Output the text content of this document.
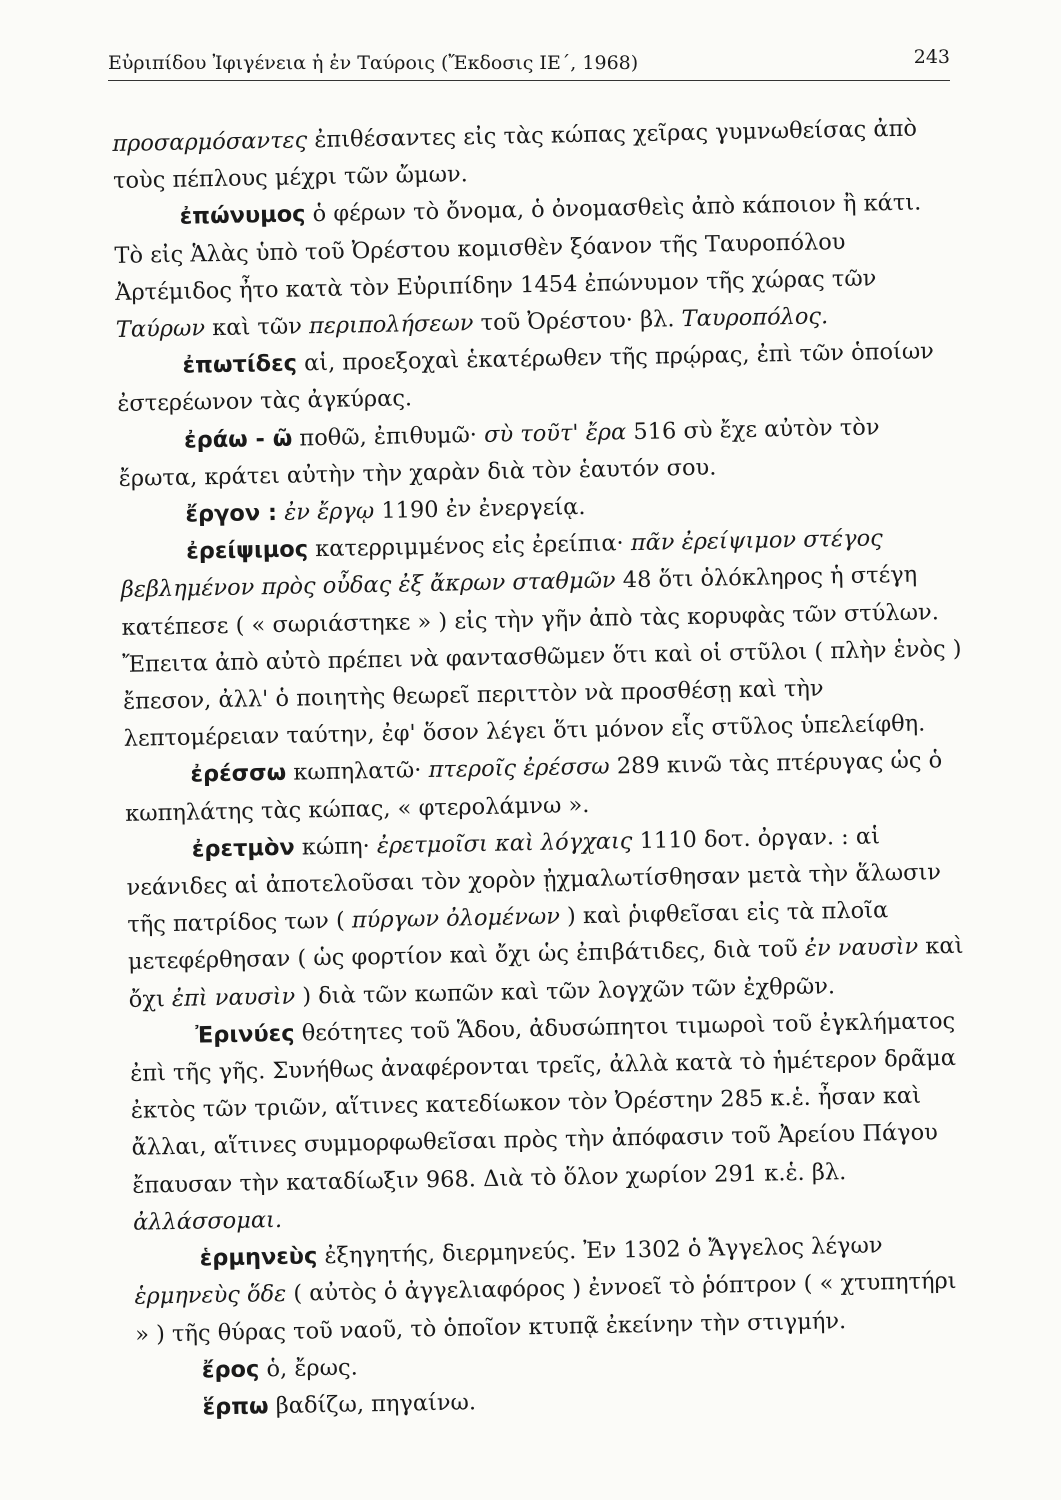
Εὐριπίδου Ἰφιγένεια ἡ ἐν Ταύροις (Ἔκδοσις ΙΕ΄, 1968)	243

προσαρμόσαντες ἐπιθέσαντες εἰς τὰς κώπας χεῖρας γυμνωθείσας ἀπὸ τοὺς πέπλους μέχρι τῶν ὤμων.

ἐπώνυμος ὁ φέρων τὸ ὄνομα, ὁ ὀνομασθεὶς ἀπὸ κάποιον ἢ κάτι. Τὸ εἰς Ἁλὰς ὑπὸ τοῦ Ὀρέστου κομισθὲν ξόανον τῆς Ταυροπόλου Ἀρτέμιδος ἦτο κατὰ τὸν Εὐριπίδην 1454 ἐπώνυμον τῆς χώρας τῶν Ταύρων καὶ τῶν περιπολήσεων τοῦ Ὀρέστου· βλ. Ταυροπόλος.

ἐπωτίδες αἱ, προεξοχαὶ ἑκατέρωθεν τῆς πρῴρας, ἐπὶ τῶν ὁποίων ἐστερέωνον τὰς ἀγκύρας.

ἐράω - ῶ ποθῶ, ἐπιθυμῶ· σὺ τοῦτ' ἔρα 516 σὺ ἔχε αὐτὸν τὸν ἔρωτα, κράτει αὐτὴν τὴν χαρὰν διὰ τὸν ἑαυτόν σου.

ἔργον : ἐν ἔργῳ 1190 ἐν ἐνεργείᾳ.

ἐρείψιμος κατερριμμένος εἰς ἐρείπια· πᾶν ἐρείψιμον στέγος βεβλημένον πρὸς οὖδας ἐξ ἄκρων σταθμῶν 48 ὅτι ὁλόκληρος ἡ στέγη κατέπεσε ( « σωριάστηκε » ) εἰς τὴν γῆν ἀπὸ τὰς κορυφὰς τῶν στύλων. Ἔπειτα ἀπὸ αὐτὸ πρέπει νὰ φαντασθῶμεν ὅτι καὶ οἱ στῦλοι ( πλὴν ἑνὸς ) ἔπεσον, ἀλλ' ὁ ποιητὴς θεωρεῖ περιττὸν νὰ προσθέσῃ καὶ τὴν λεπτομέρειαν ταύτην, ἐφ' ὅσον λέγει ὅτι μόνον εἷς στῦλος ὑπελείφθη.

ἐρέσσω κωπηλατῶ· πτεροῖς ἐρέσσω 289 κινῶ τὰς πτέρυγας ὡς ὁ κωπηλάτης τὰς κώπας, « φτερολάμνω ».

ἐρετμὸν κώπη· ἐρετμοῖσι καὶ λόγχαις 1110 δοτ. ὀργαν. : αἱ νεάνιδες αἱ ἀποτελοῦσαι τὸν χορὸν ᾐχμαλωτίσθησαν μετὰ τὴν ἅλωσιν τῆς πατρίδος των ( πύργων ὀλομένων ) καὶ ῥιφθεῖσαι εἰς τὰ πλοῖα μετεφέρθησαν ( ὡς φορτίον καὶ ὄχι ὡς ἐπιβάτιδες, διὰ τοῦ ἐν ναυσὶν καὶ ὄχι ἐπὶ ναυσὶν ) διὰ τῶν κωπῶν καὶ τῶν λογχῶν τῶν ἐχθρῶν.

Ἐρινύες θεότητες τοῦ Ἅδου, ἀδυσώπητοι τιμωροὶ τοῦ ἐγκλήματος ἐπὶ τῆς γῆς. Συνήθως ἀναφέρονται τρεῖς, ἀλλὰ κατὰ τὸ ἡμέτερον δρᾶμα ἐκτὸς τῶν τριῶν, αἵτινες κατεδίωκον τὸν Ὀρέστην 285 κ.ἑ. ἦσαν καὶ ἄλλαι, αἵτινες συμμορφωθεῖσαι πρὸς τὴν ἀπόφασιν τοῦ Ἀρείου Πάγου ἔπαυσαν τὴν καταδίωξιν 968. Διὰ τὸ ὅλον χωρίον 291 κ.ἑ. βλ. ἀλλάσσομαι.

ἑρμηνεὺς ἐξηγητής, διερμηνεύς. Ἐν 1302 ὁ Ἄγγελος λέγων ἑρμηνεὺς ὅδε ( αὐτὸς ὁ ἀγγελιαφόρος ) ἐννοεῖ τὸ ῥόπτρον ( « χτυπητήρι » ) τῆς θύρας τοῦ ναοῦ, τὸ ὁποῖον κτυπᾷ ἐκείνην τὴν στιγμήν.

ἔρος ὁ, ἔρως.

ἕρπω βαδίζω, πηγαίνω.
